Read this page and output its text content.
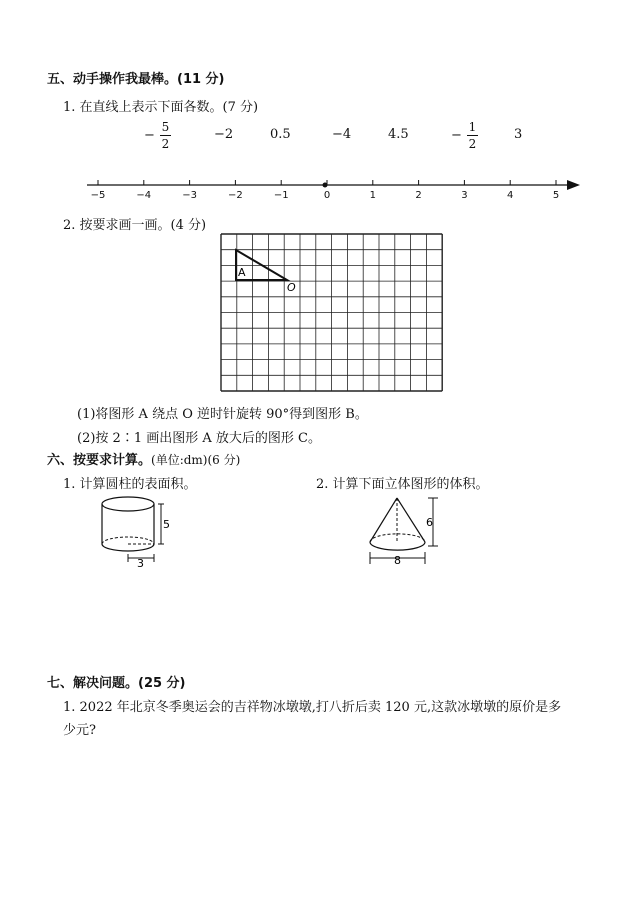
五、动手操作我最棒。(11 分)
1. 在直线上表示下面各数。(7 分)
− $\frac{5}{2}$	−2	0.5	−4	4.5	− $\frac{1}{2}$	3
−5	−4	−3	−2	−1	0	1	2	3	4	5
2. 按要求画一画。(4 分)
A
O
(1)将图形 A 绕点 O 逆时针旋转 90°得到图形 B。
(2)按 2∶1 画出图形 A 放大后的图形 C。
六、按要求计算。(单位:dm)(6 分)
1. 计算圆柱的表面积。	2. 计算下面立体图形的体积。
5
3
6
8
七、解决问题。(25 分)
1. 2022 年北京冬季奥运会的吉祥物冰墩墩,打八折后卖 120 元,这款冰墩墩的原价是多
少元?
